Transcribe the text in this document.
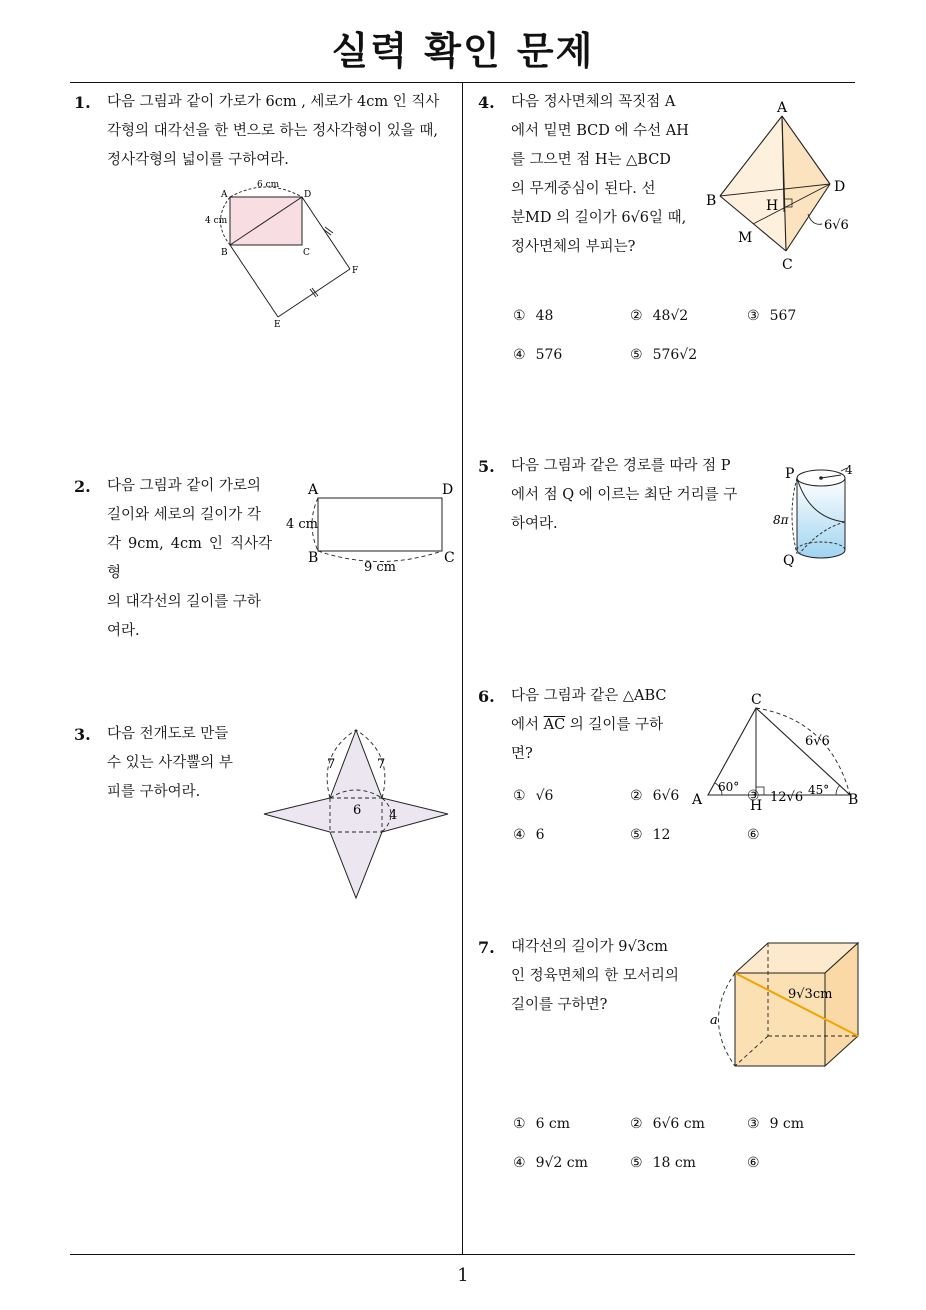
실력 확인 문제
1
1. 다음 그림과 같이 가로가 6cm , 세로가 4cm 인 직사
각형의 대각선을 한 변으로 하는 정사각형이 있을 때,
정사각형의 넓이를 구하여라.
6 cm
4 cm
A	D
B	C
E
F
2. 다음 그림과 같이 가로의
길이와 세로의 길이가 각
각 9cm, 4cm 인 직사각형
의 대각선의 길이를 구하
여라.
A	D
B	C
4 cm
9 cm
3. 다음 전개도로 만들
수 있는 사각뿔의 부
피를 구하여라.
7	7
6 4
4. 다음 정사면체의 꼭짓점 A
에서 밑면 BCD 에 수선 AH
를 그으면 점 H는 △BCD
의 무게중심이 된다. 선
분MD 의 길이가 6√6일 때,
정사면체의 부피는?
A
B
C
D
H
M
6√6
① 48	② 48√2	③ 567
④ 576	⑤ 576√2
5. 다음 그림과 같은 경로를 따라 점 P
에서 점 Q 에 이르는 최단 거리를 구
하여라.
P
Q
4
8π
6. 다음 그림과 같은 △ABC
에서 $\overline{AC}$ 의 길이를 구하
면?
A	B
C
H
6√6
12√6
60°	45°
① √6	② 6√6	③
④ 6	⑤ 12	⑥
7. 대각선의 길이가 9√3cm
인 정육면체의 한 모서리의
길이를 구하면?
9√3cm
a
① 6 cm	② 6√6 cm	③ 9 cm
④ 9√2 cm	⑤ 18 cm	⑥
